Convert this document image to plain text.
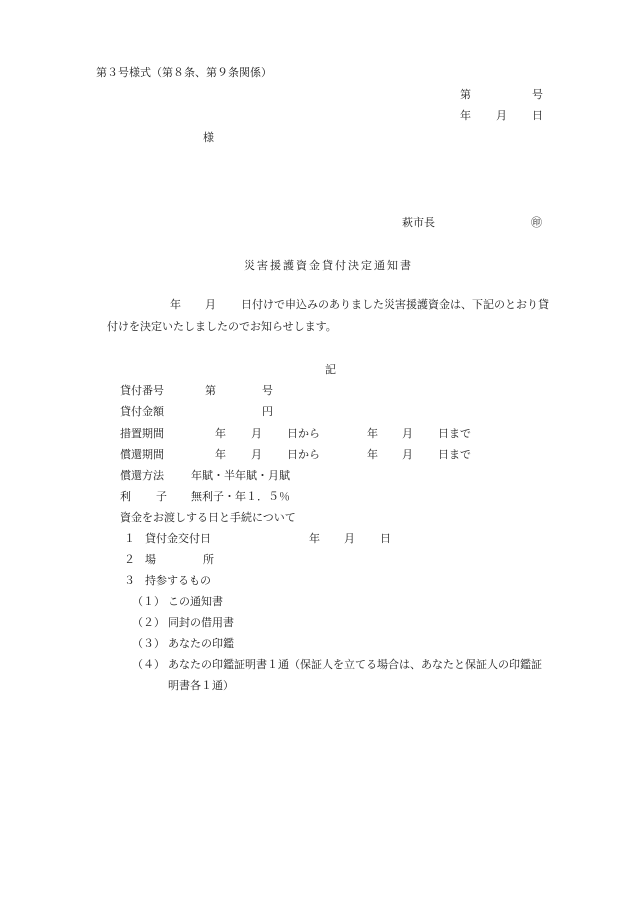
第３号様式（第８条、第９条関係）
第	号
年 月 日
様
萩市長	㊞
災害援護資金貸付決定通知書
年 月 日付けで申込みのありました災害援護資金は、下記のとおり貸
付けを決定いたしましたのでお知らせします。
記
貸付番号	第	号
貸付金額	円
措置期間	年 月 日から	年 月 日まで
償還期間	年 月 日から	年 月 日まで
償還方法 年賦・半年賦・月賦
利 子 無利子・年１．５％
資金をお渡しする日と手続について
１ 貸付金交付日	年 月 日
２ 場	所
３ 持参するもの
（１） この通知書
（２） 同封の借用書
（３） あなたの印鑑
（４） あなたの印鑑証明書１通（保証人を立てる場合は、あなたと保証人の印鑑証
明書各１通）
